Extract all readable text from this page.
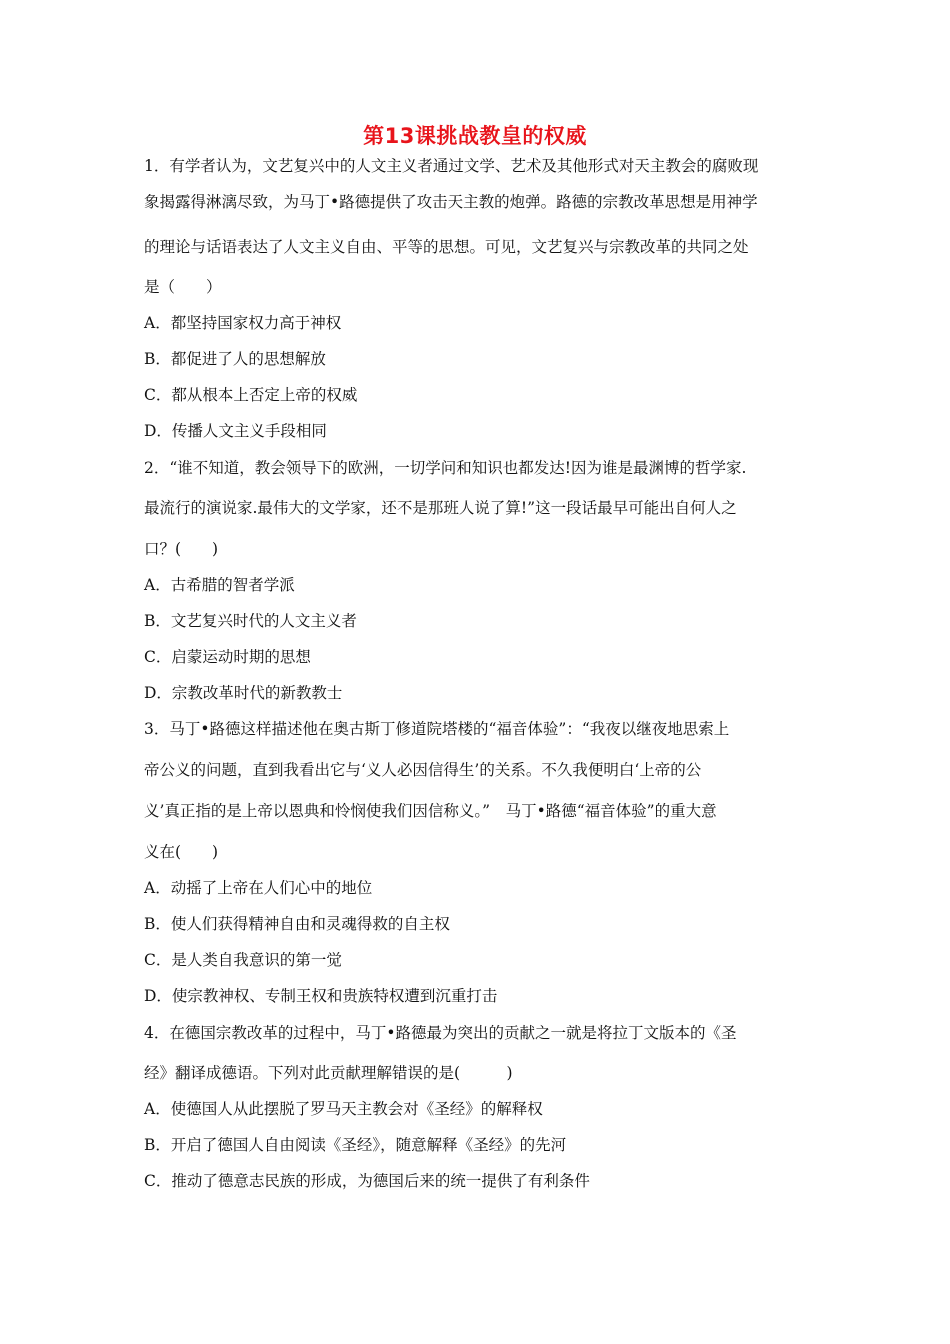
第13课挑战教皇的权威
1．有学者认为，文艺复兴中的人文主义者通过文学、艺术及其他形式对天主教会的腐败现
象揭露得淋漓尽致，为马丁•路德提供了攻击天主教的炮弹。路德的宗教改革思想是用神学
的理论与话语表达了人文主义自由、平等的思想。可见，文艺复兴与宗教改革的共同之处
是（　　）
A．都坚持国家权力高于神权
B．都促进了人的思想解放
C．都从根本上否定上帝的权威
D．传播人文主义手段相同
2．“谁不知道，教会领导下的欧洲，一切学问和知识也都发达!因为谁是最渊博的哲学家.
最流行的演说家.最伟大的文学家，还不是那班人说了算!”这一段话最早可能出自何人之
口？(　　)
A．古希腊的智者学派
B．文艺复兴时代的人文主义者
C．启蒙运动时期的思想
D．宗教改革时代的新教教士
3．马丁•路德这样描述他在奥古斯丁修道院塔楼的“福音体验”：“我夜以继夜地思索上
帝公义的问题，直到我看出它与‘义人必因信得生’的关系。不久我便明白‘上帝的公
义’真正指的是上帝以恩典和怜悯使我们因信称义。”　马丁•路德“福音体验”的重大意
义在(　　)
A．动摇了上帝在人们心中的地位
B．使人们获得精神自由和灵魂得救的自主权
C．是人类自我意识的第一觉
D．使宗教神权、专制王权和贵族特权遭到沉重打击
4．在德国宗教改革的过程中，马丁•路德最为突出的贡献之一就是将拉丁文版本的《圣
经》翻译成德语。下列对此贡献理解错误的是(　　　)
A．使德国人从此摆脱了罗马天主教会对《圣经》的解释权
B．开启了德国人自由阅读《圣经》，随意解释《圣经》的先河
C．推动了德意志民族的形成，为德国后来的统一提供了有利条件
